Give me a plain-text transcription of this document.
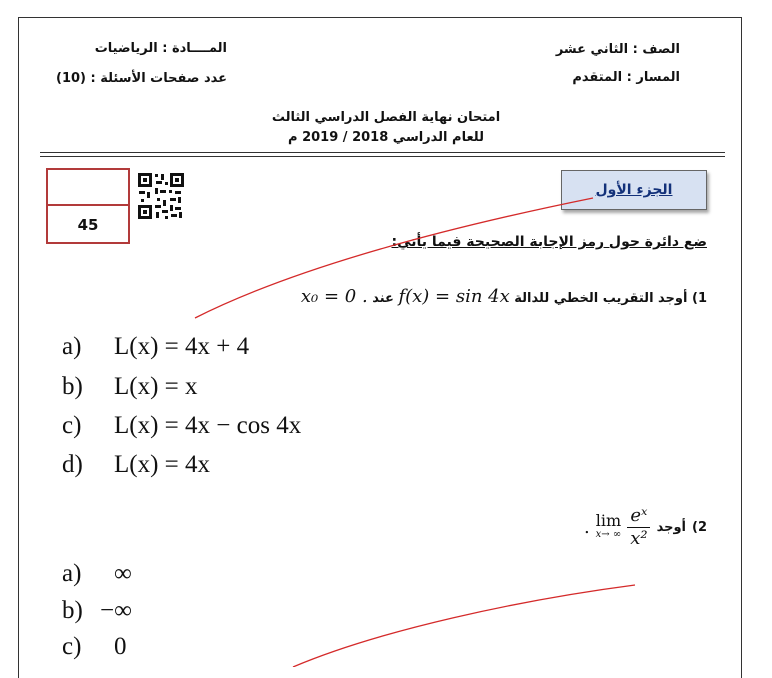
الصف : الثاني عشر
المسار : المتقدم
المــــادة : الرياضيات
عدد صفحات الأسئلة : (10)
امتحان نهاية الفصل الدراسي الثالث
للعام الدراسي 2018 / 2019 م
45
الجزء الأول
ضع دائرة حول رمز الإجابة الصحيحة فيما يأتي:
1) أوجد التقريب الخطي للدالة f(x) = sin 4x عند x₀ = 0 .
a) L(x) = 4x + 4
b) L(x) = x
c) L(x) = 4x − cos 4x
d) L(x) = 4x
2)
أوجد
$\frac{\text{eˣ}}{\text{x²}}$
lim
x→ ∞
.
a) ∞
b) −∞
c) 0
